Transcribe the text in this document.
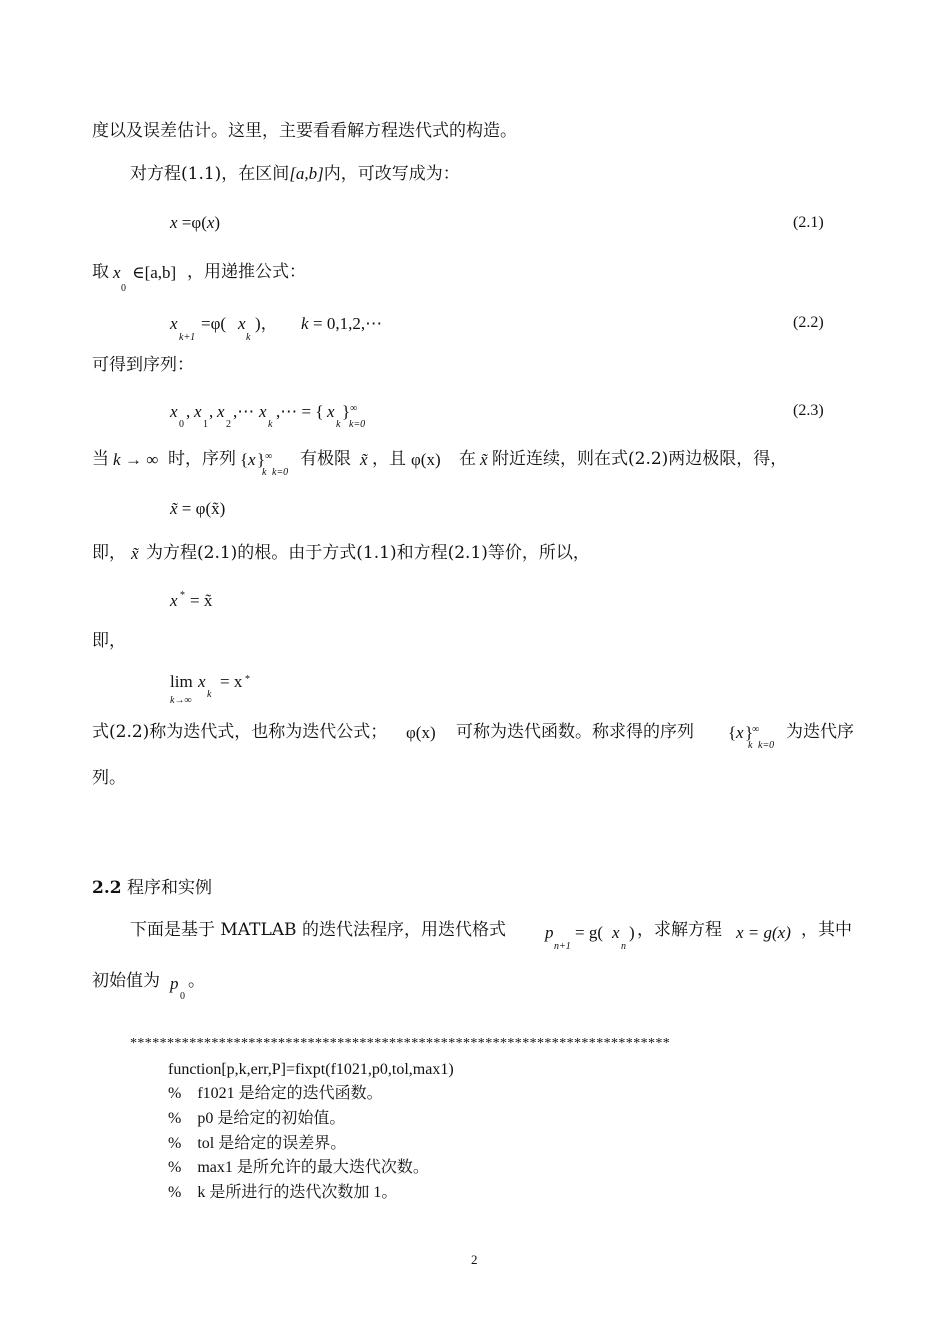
度以及误差估计。这里，主要看看解方程迭代式的构造。
对方程(1.1)，在区间[a,b]内，可改写成为：
x =φ(x)	(2.1)
取 x
0
∈[a,b] ，用递推公式：
x
k+1
=φ( x
k
)， k = 0,1,2,⋯	(2.2)
可得到序列：
x
0
, x
1
, x
2
,⋯ x
k
,⋯ = { x
k
} ∞
k=0
(2.3)
当 k → ∞ 时，序列 { x }
k
∞
k=0
有极限 x̃ ，且 φ(x) 在 x̃ 附近连续，则在式(2.2)两边极限，得，
x̃ = φ(x̃)
即， x̃ 为方程(2.1)的根。由于方式(1.1)和方程(2.1)等价，所以，
x * = x̃
即，
lim x
k
k→∞
= x *
式(2.2)称为迭代式，也称为迭代公式； φ(x) 可称为迭代函数。称求得的序列 { x }
k
∞
k=0
为迭代序
列。
2.2 程序和实例
下面是基于 MATLAB 的迭代法程序，用迭代格式 p
n+1
= g( x
n
) ，求解方程 x = g(x) ，其中
初始值为 p
0
。
*************************************************************************
function[p,k,err,P]=fixpt(f1021,p0,tol,max1)
%    f1021 是给定的迭代函数。
%    p0 是给定的初始值。
%    tol 是给定的误差界。
%    max1 是所允许的最大迭代次数。
%    k 是所进行的迭代次数加 1。
2
